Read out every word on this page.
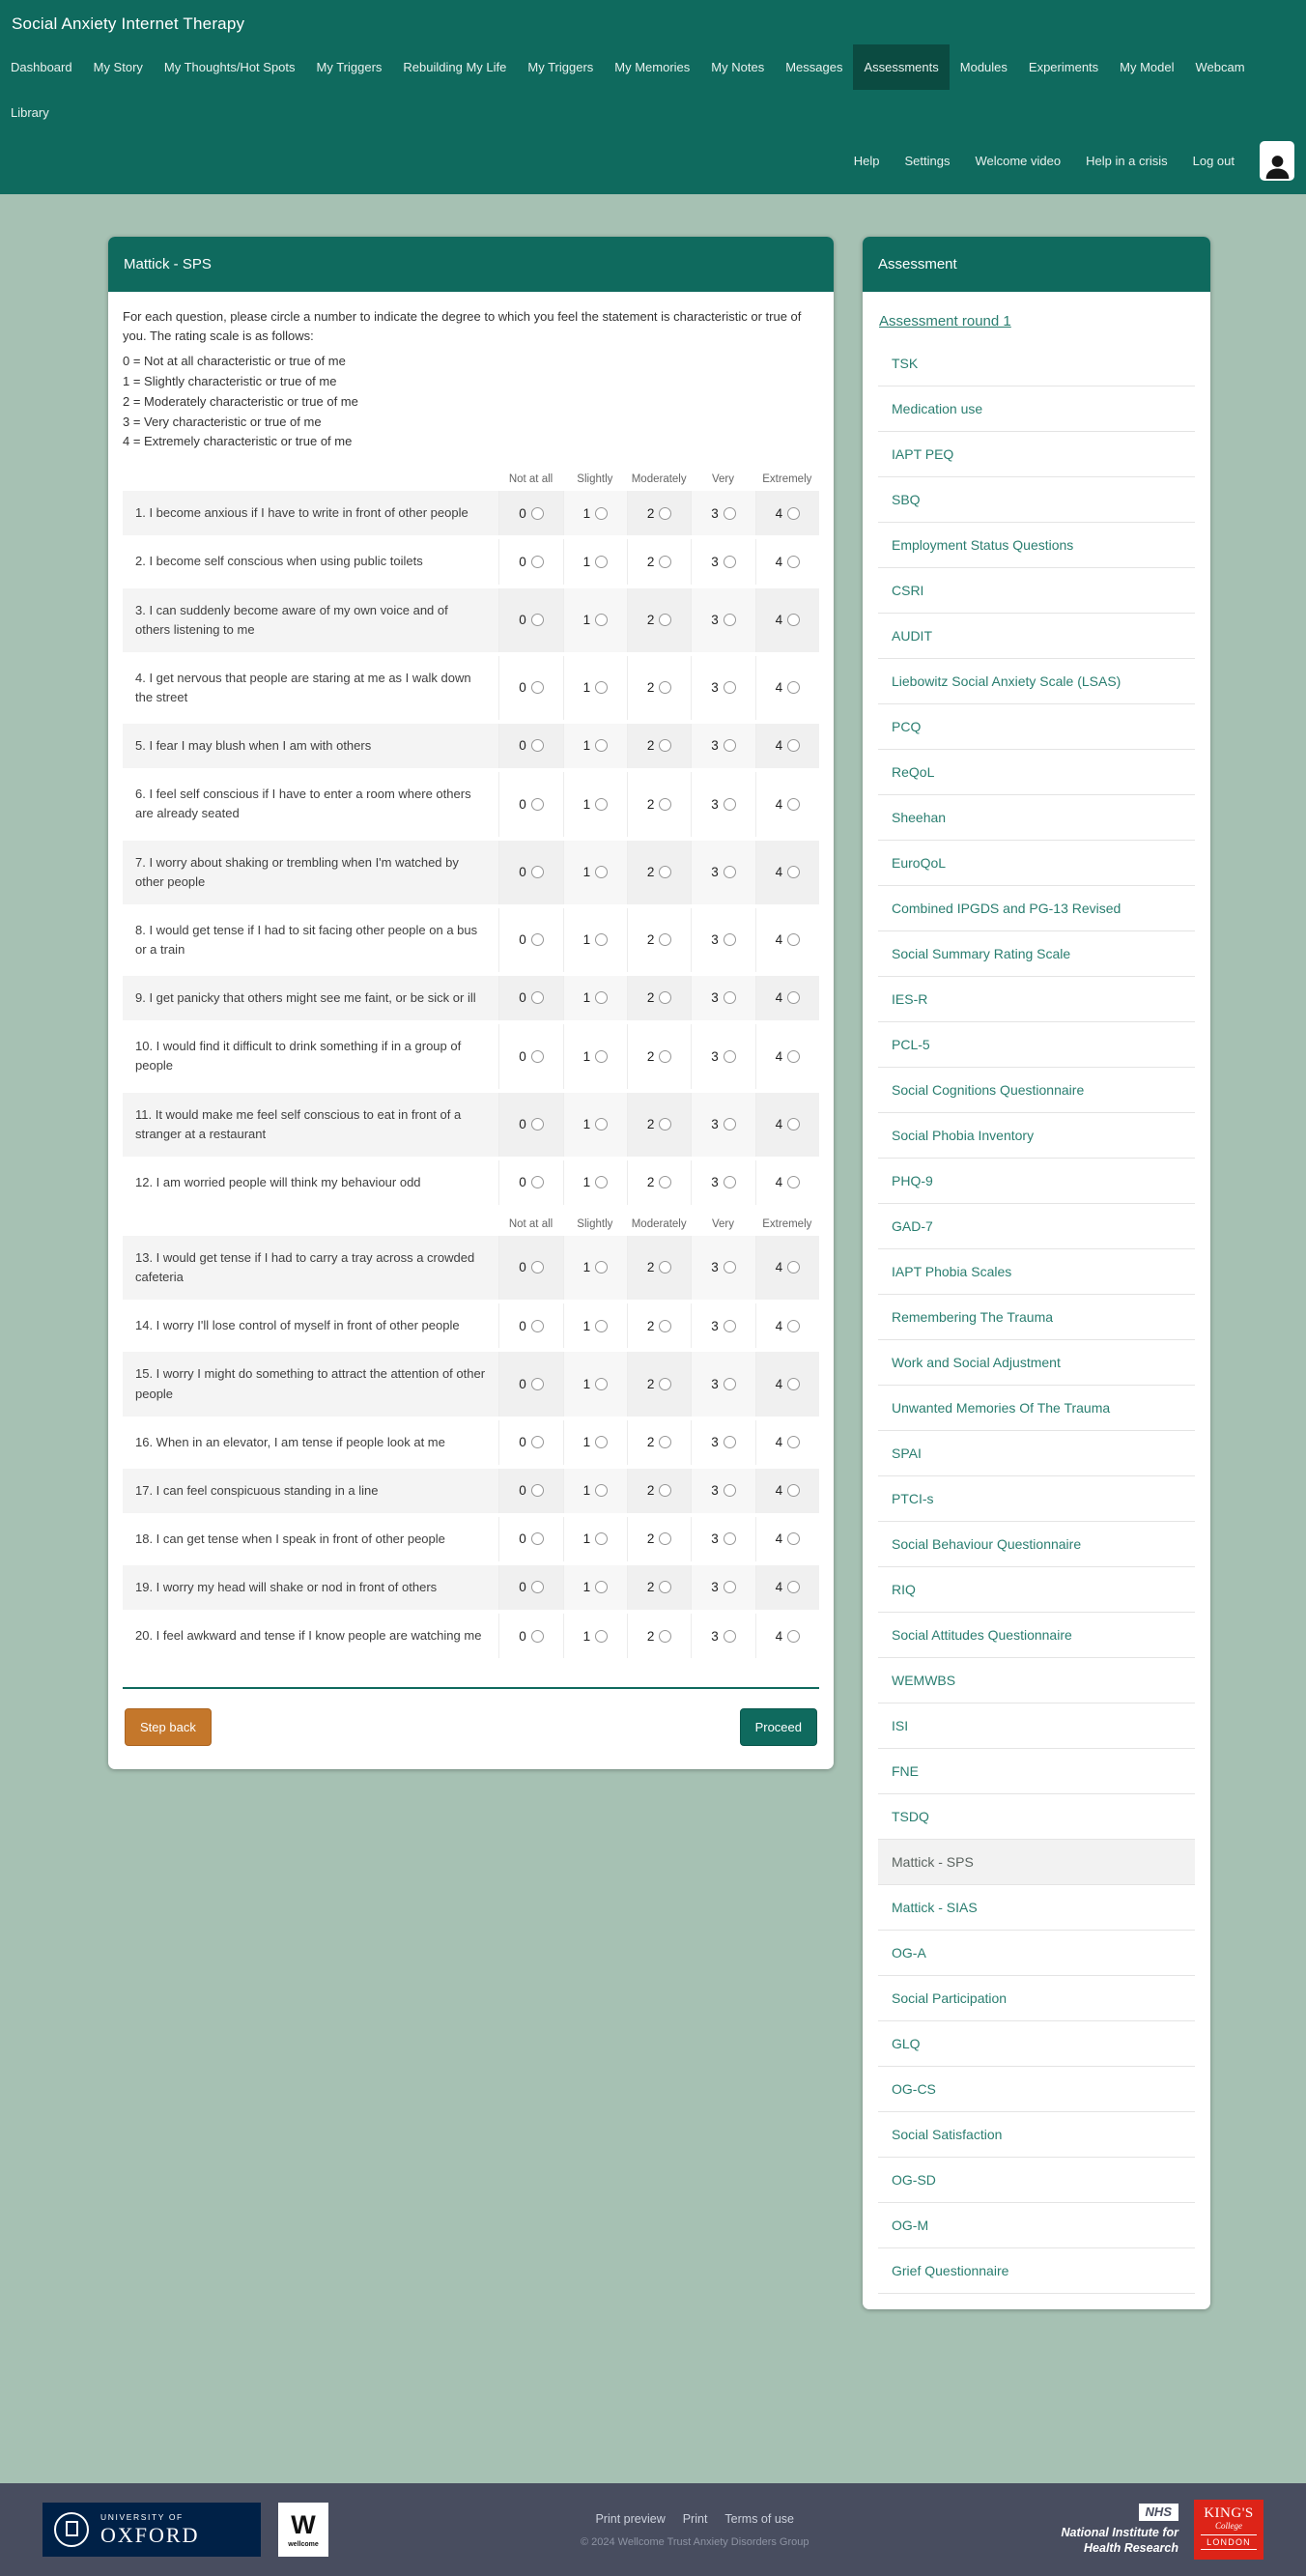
Social Anxiety Internet Therapy
Dashboard	My Story	My Thoughts/Hot Spots	My Triggers	Rebuilding My Life	My Triggers	My Memories	My Notes	Messages	Assessments	Modules	Experiments	My Model	Webcam
Library
Help Settings Welcome video Help in a crisis Log out
Mattick - SPS

For each question, please circle a number to indicate the degree to which you feel the statement is characteristic or true of you. The rating scale is as follows:

0 = Not at all characteristic or true of me
1 = Slightly characteristic or true of me
2 = Moderately characteristic or true of me
3 = Very characteristic or true of me
4 = Extremely characteristic or true of me
	Not at all	Slightly	Moderately	Very	Extremely
1. I become anxious if I have to write in front of other people	0	1	2	3	4
2. I become self conscious when using public toilets	0	1	2	3	4
3. I can suddenly become aware of my own voice and of others listening to me	0	1	2	3	4
4. I get nervous that people are staring at me as I walk down the street	0	1	2	3	4
5. I fear I may blush when I am with others	0	1	2	3	4
6. I feel self conscious if I have to enter a room where others are already seated	0	1	2	3	4
7. I worry about shaking or trembling when I'm watched by other people	0	1	2	3	4
8. I would get tense if I had to sit facing other people on a bus or a train	0	1	2	3	4
9. I get panicky that others might see me faint, or be sick or ill	0	1	2	3	4
10. I would find it difficult to drink something if in a group of people	0	1	2	3	4
11. It would make me feel self conscious to eat in front of a stranger at a restaurant	0	1	2	3	4
12. I am worried people will think my behaviour odd	0	1	2	3	4
	Not at all	Slightly	Moderately	Very	Extremely
13. I would get tense if I had to carry a tray across a crowded cafeteria	0	1	2	3	4
14. I worry I'll lose control of myself in front of other people	0	1	2	3	4
15. I worry I might do something to attract the attention of other people	0	1	2	3	4
16. When in an elevator, I am tense if people look at me	0	1	2	3	4
17. I can feel conspicuous standing in a line	0	1	2	3	4
18. I can get tense when I speak in front of other people	0	1	2	3	4
19. I worry my head will shake or nod in front of others	0	1	2	3	4
20. I feel awkward and tense if I know people are watching me	0	1	2	3	4
Step back	Proceed
Assessment
Assessment round 1
TSK
Medication use
IAPT PEQ
SBQ
Employment Status Questions
CSRI
AUDIT
Liebowitz Social Anxiety Scale (LSAS)
PCQ
ReQoL
Sheehan
EuroQoL
Combined IPGDS and PG-13 Revised
Social Summary Rating Scale
IES-R
PCL-5
Social Cognitions Questionnaire
Social Phobia Inventory
PHQ-9
GAD-7
IAPT Phobia Scales
Remembering The Trauma
Work and Social Adjustment
Unwanted Memories Of The Trauma
SPAI
PTCI-s
Social Behaviour Questionnaire
RIQ
Social Attitudes Questionnaire
WEMWBS
ISI
FNE
TSDQ
Mattick - SPS
Mattick - SIAS
OG-A
Social Participation
GLQ
OG-CS
Social Satisfaction
OG-SD
OG-M
Grief Questionnaire
UNIVERSITY OF
OXFORD	W
wellcome
Print preview Print Terms of use
© 2024 Wellcome Trust Anxiety Disorders Group
NHS
National Institute for
Health Research
KING'S
College
LONDON
